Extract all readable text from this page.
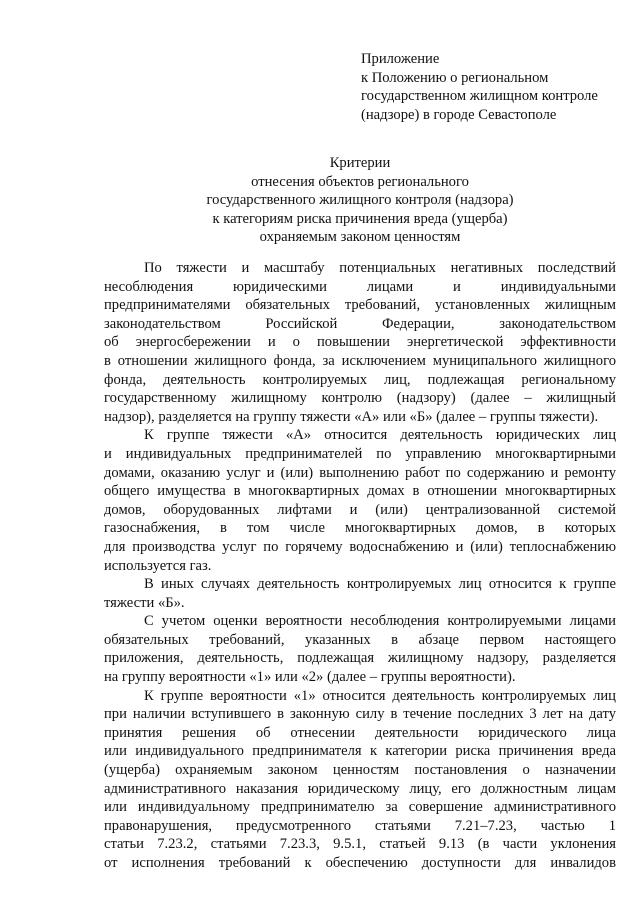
Приложение
к Положению о региональном
государственном жилищном контроле
(надзоре) в городе Севастополе
Критерии
отнесения объектов регионального
государственного жилищного контроля (надзора)
к категориям риска причинения вреда (ущерба)
охраняемым законом ценностям
По тяжести и масштабу потенциальных негативных последствий
несоблюдения юридическими лицами и индивидуальными
предпринимателями обязательных требований, установленных жилищным
законодательством Российской Федерации, законодательством
об энергосбережении и о повышении энергетической эффективности
в отношении жилищного фонда, за исключением муниципального жилищного
фонда, деятельность контролируемых лиц, подлежащая региональному
государственному жилищному контролю (надзору) (далее – жилищный
надзор), разделяется на группу тяжести «А» или «Б» (далее – группы тяжести).
К группе тяжести «А» относится деятельность юридических лиц
и индивидуальных предпринимателей по управлению многоквартирными
домами, оказанию услуг и (или) выполнению работ по содержанию и ремонту
общего имущества в многоквартирных домах в отношении многоквартирных
домов, оборудованных лифтами и (или) централизованной системой
газоснабжения, в том числе многоквартирных домов, в которых
для производства услуг по горячему водоснабжению и (или) теплоснабжению
используется газ.
В иных случаях деятельность контролируемых лиц относится к группе
тяжести «Б».
С учетом оценки вероятности несоблюдения контролируемыми лицами
обязательных требований, указанных в абзаце первом настоящего
приложения, деятельность, подлежащая жилищному надзору, разделяется
на группу вероятности «1» или «2» (далее – группы вероятности).
К группе вероятности «1» относится деятельность контролируемых лиц
при наличии вступившего в законную силу в течение последних 3 лет на дату
принятия решения об отнесении деятельности юридического лица
или индивидуального предпринимателя к категории риска причинения вреда
(ущерба) охраняемым законом ценностям постановления о назначении
административного наказания юридическому лицу, его должностным лицам
или индивидуальному предпринимателю за совершение административного
правонарушения, предусмотренного статьями 7.21–7.23, частью 1
статьи 7.23.2, статьями 7.23.3, 9.5.1, статьей 9.13 (в части уклонения
от исполнения требований к обеспечению доступности для инвалидов
